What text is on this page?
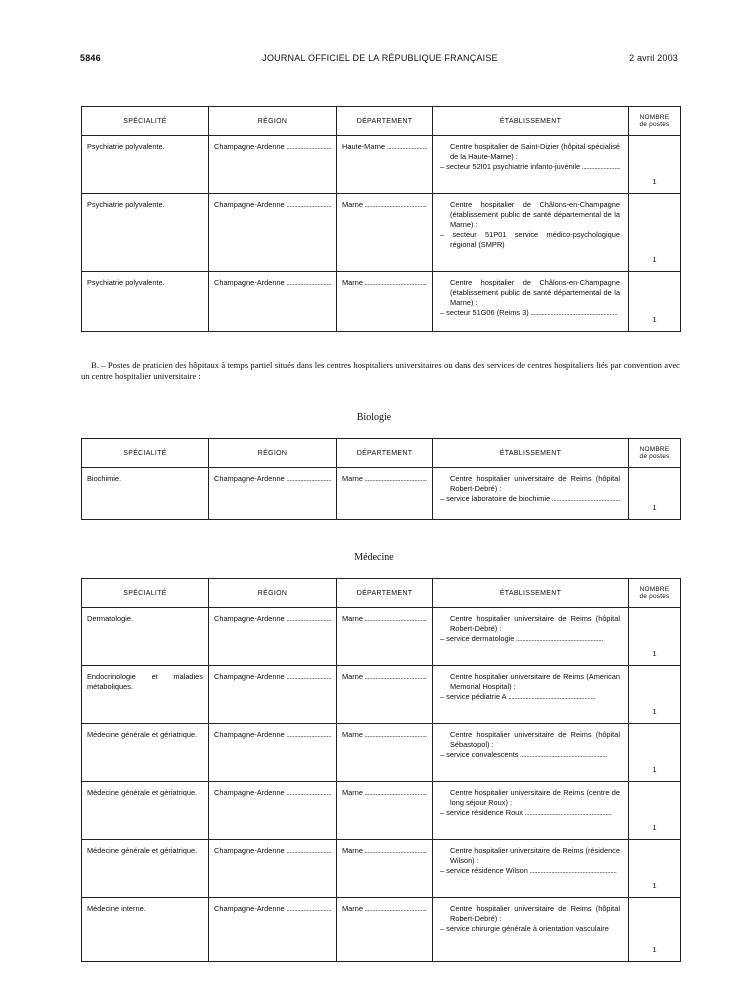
5846	JOURNAL OFFICIEL DE LA RÉPUBLIQUE FRANÇAISE	2 avril 2003
SPÉCIALITÉ	RÉGION	DÉPARTEMENT	ÉTABLISSEMENT	NOMBRE
de postes
Psychiatrie polyvalente.	Champagne-Ardenne .....	Haute-Marne .....	Centre hospitalier de Saint-Dizier (hôpital spécialisé de la Haute-Marne) :
– secteur 52I01 psychiatrie infanto-juvénile .....	1
Psychiatrie polyvalente.	Champagne-Ardenne .....	Marne .....	Centre hospitalier de Châlons-en-Champagne (établissement public de santé départemental de la Marne) :
– secteur 51P01 service médico-psychologique régional (SMPR)	1
Psychiatrie polyvalente.	Champagne-Ardenne .....	Marne .....	Centre hospitalier de Châlons-en-Champagne (établissement public de santé départemental de la Marne) :
– secteur 51G06 (Reims 3) .....	1
B. – Postes de praticien des hôpitaux à temps partiel situés dans les centres hospitaliers universitaires ou dans des services de centres hospitaliers liés par convention avec un centre hospitalier universitaire :
Biologie
SPÉCIALITÉ	RÉGION	DÉPARTEMENT	ÉTABLISSEMENT	NOMBRE
de postes
Biochimie.	Champagne-Ardenne .....	Marne .....	Centre hospitalier universitaire de Reims (hôpital Robert-Debré) :
– service laboratoire de biochimie .....	1
Médecine
SPÉCIALITÉ	RÉGION	DÉPARTEMENT	ÉTABLISSEMENT	NOMBRE
de postes
Dermatologie.	Champagne-Ardenne .....	Marne .....	Centre hospitalier universitaire de Reims (hôpital Robert-Debré) :
– service dermatologie .....	1
Endocrinologie et maladies métaboliques.	Champagne-Ardenne .....	Marne .....	Centre hospitalier universitaire de Reims (American Memorial Hospital) :
– service pédiatrie A .....	1
Médecine générale et gériatrique.	Champagne-Ardenne .....	Marne .....	Centre hospitalier universitaire de Reims (hôpital Sébastopol) :
– service convalescents .....	1
Médecine générale et gériatrique.	Champagne-Ardenne .....	Marne .....	Centre hospitalier universitaire de Reims (centre de long séjour Roux) :
– service résidence Roux .....	1
Médecine générale et gériatrique.	Champagne-Ardenne .....	Marne .....	Centre hospitalier universitaire de Reims (résidence Wilson) :
– service résidence Wilson .....	1
Médecine interne.	Champagne-Ardenne .....	Marne .....	Centre hospitalier universitaire de Reims (hôpital Robert-Debré) :
– service chirurgie générale à orientation vasculaire	1
